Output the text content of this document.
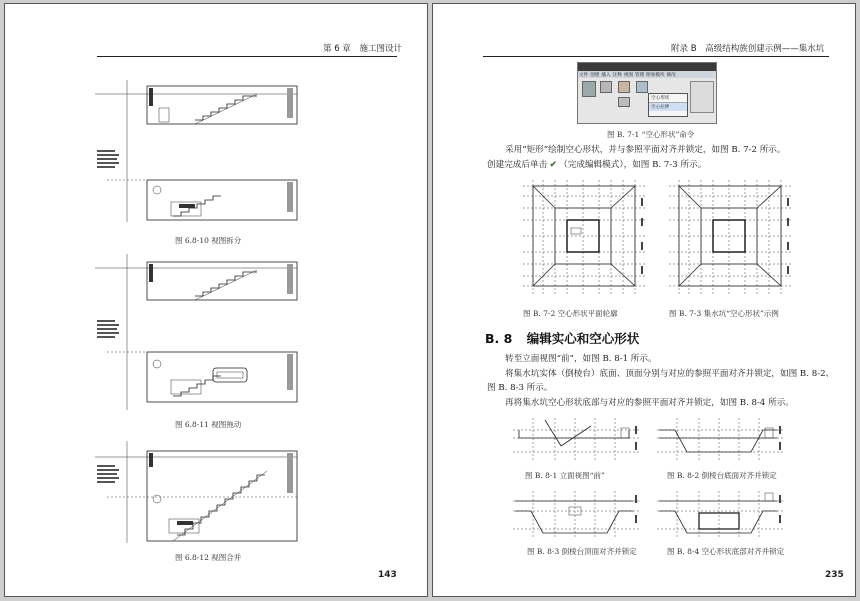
第 6 章 施工图设计
图 6.8-10 视图拆分
图 6.8-11 视图拖动
图 6.8-12 视图合并
143
附录 B 高级结构族创建示例——集水坑
文件 创建 插入 注释 视图 管理 附加模块 修改
空心形状
空心拉伸
图 B. 7-1 “空心形状”命令
采用“矩形”绘制空心形状，并与参照平面对齐并锁定，如图 B. 7-2 所示。
创建完成后单击 ✔ （完成编辑模式），如图 B. 7-3 所示。
图 B. 7-2 空心形状平面轮廓	图 B. 7-3 集水坑“空心形状”示例
B. 8 编辑实心和空心形状
转至立面视图“前”，如图 B. 8-1 所示。
将集水坑实体（倒棱台）底面、顶面分别与对应的参照平面对齐并锁定，如图 B. 8-2、
图 B. 8-3 所示。
再将集水坑空心形状底部与对应的参照平面对齐并锁定，如图 B. 8-4 所示。
图 B. 8-1 立面视图“前”	图 B. 8-2 倒棱台底面对齐并锁定
图 B. 8-3 倒棱台顶面对齐并锁定	图 B. 8-4 空心形状底部对齐并锁定
235
